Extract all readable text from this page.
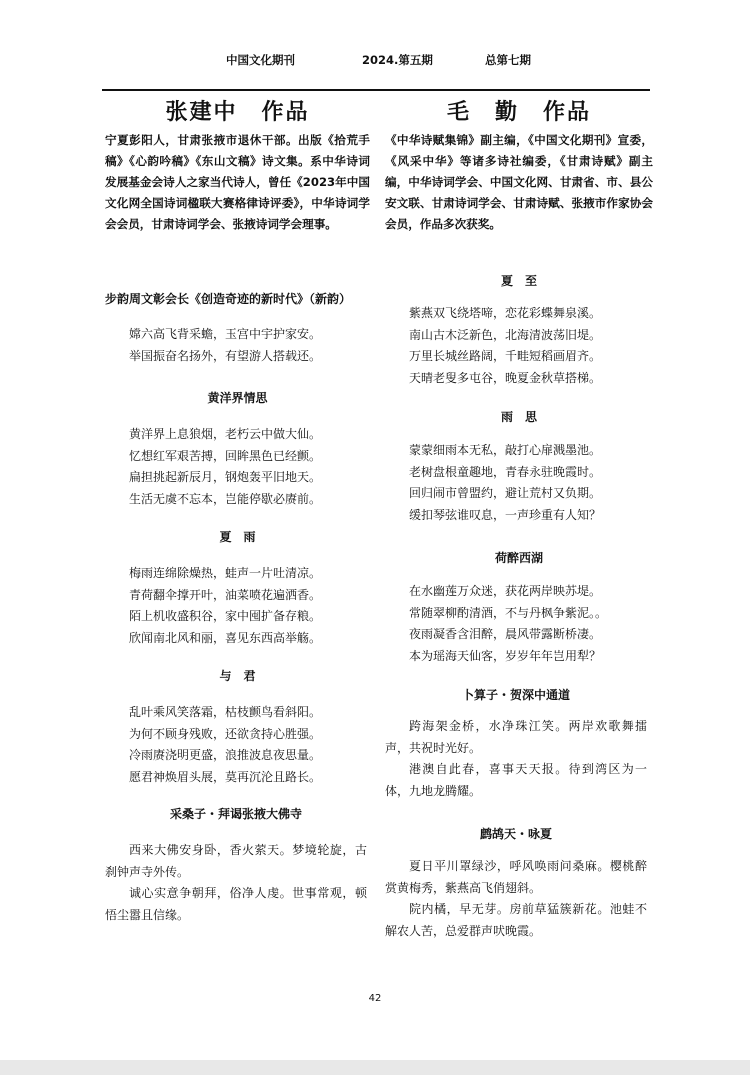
中国文化期刊	2024.第五期	总第七期
张建中　作品
宁夏彭阳人，甘肃张掖市退休干部。出版《拾荒手稿》《心韵吟稿》《东山文稿》诗文集。系中华诗词发展基金会诗人之家当代诗人，曾任《2023年中国文化网全国诗词楹联大赛格律诗评委》，中华诗词学会会员，甘肃诗词学会、张掖诗词学会理事。
步韵周文彰会长《创造奇迹的新时代》（新韵）
嫦六高飞背采蟾，玉宫中宇护家安。
举国振奋名扬外，有望游人搭载还。
黄洋界情思
黄洋界上息狼烟，老朽云中做大仙。
忆想红军艰苦搏，回眸黑色已经颤。
扁担挑起新辰月，钢炮轰平旧地天。
生活无虞不忘本，岂能停歇必赓前。
夏　雨
梅雨连绵除燥热，蛙声一片吐清凉。
青荷翻伞撑开叶，油菜喷花遍洒香。
陌上机收盛积谷，家中囤扩备存粮。
欣闻南北风和丽，喜见东西高举觞。
与　君
乱叶乘风笑落霜，枯枝颤鸟看斜阳。
为何不顾身残败，还欲贪持心胜强。
冷雨赓浇明更盛，浪推波息夜思量。
愿君神焕眉头展，莫再沉沦且路长。
采桑子・拜谒张掖大佛寺
西来大佛安身卧，香火萦天。梦境轮旋，古刹钟声寺外传。
诚心实意争朝拜，俗净人虔。世事常观，顿悟尘嚣且信缘。
毛　勤　作品
《中华诗赋集锦》副主编，《中国文化期刊》宣委，《风采中华》等诸多诗社编委，《甘肃诗赋》副主编，中华诗词学会、中国文化网、甘肃省、市、县公安文联、甘肃诗词学会、甘肃诗赋、张掖市作家协会会员，作品多次获奖。
夏　至
紫燕双飞绕塔啼，恋花彩蝶舞泉溪。
南山古木泛新色，北海清波荡旧堤。
万里长城丝路阔，千畦短稻画眉齐。
天晴老叟多屯谷，晚夏金秋草搭梯。
雨　思
蒙蒙细雨本无私，敲打心扉溅墨池。
老树盘根童趣地，青春永驻晚霞时。
回归闹市曾盟约，避让荒村又负期。
缓扣琴弦谁叹息，一声珍重有人知？
荷醉西湖
在水幽莲万众迷，获花两岸映苏堤。
常随翠柳酌清酒，不与丹枫争紫泥。。
夜雨凝香含泪醉，晨风带露断桥凄。
本为瑶海天仙客，岁岁年年岂用犁？
卜算子・贺深中通道
跨海架金桥，水净珠江笑。两岸欢歌舞擂声，共祝时光好。
港澳自此春，喜事天天报。待到湾区为一体，九地龙腾耀。
鹧鸪天・咏夏
夏日平川罩绿沙，呼风唤雨问桑麻。樱桃醉赏黄梅秀，紫燕高飞俏翅斜。
院内橘，早无芽。房前草猛簇新花。池蛙不解农人苦，总爱群声吠晚霞。
42
